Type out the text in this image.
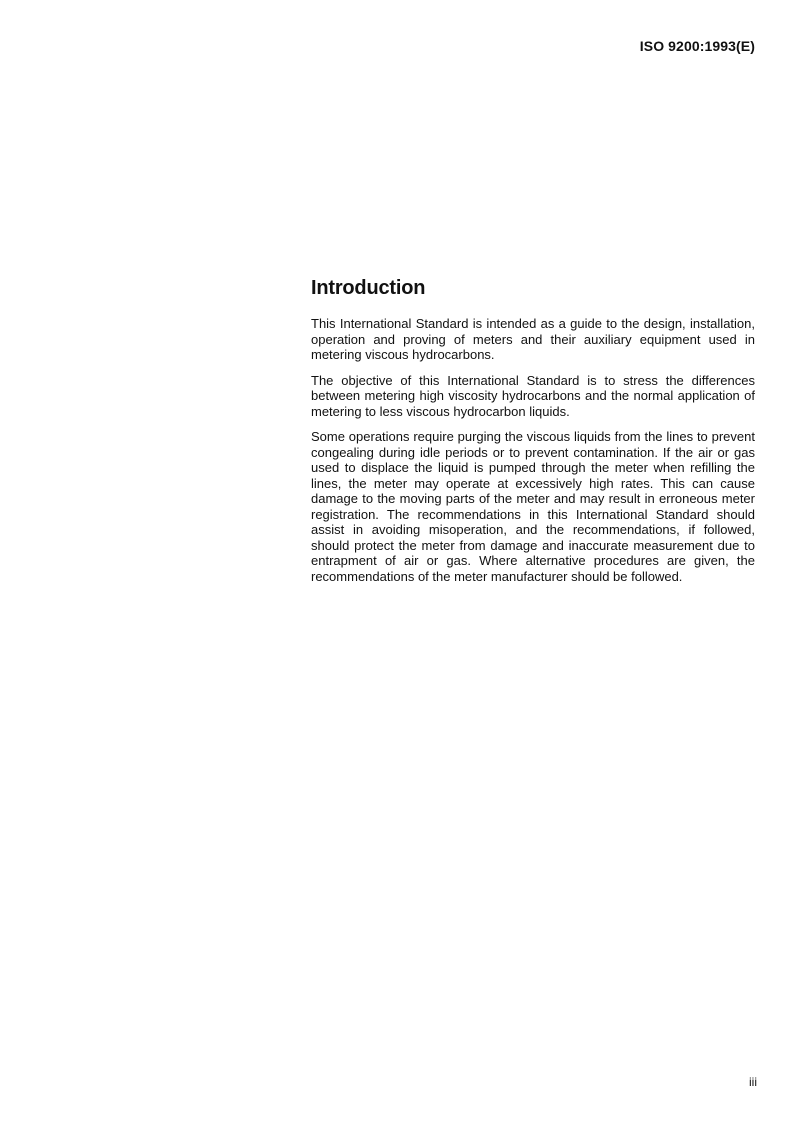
ISO 9200:1993(E)
Introduction

This International Standard is intended as a guide to the design, installation, operation and proving of meters and their auxiliary equipment used in metering viscous hydrocarbons.

The objective of this International Standard is to stress the differences between metering high viscosity hydrocarbons and the normal application of metering to less viscous hydrocarbon liquids.

Some operations require purging the viscous liquids from the lines to prevent congealing during idle periods or to prevent contamination. If the air or gas used to displace the liquid is pumped through the meter when refilling the lines, the meter may operate at excessively high rates. This can cause damage to the moving parts of the meter and may result in erroneous meter registration. The recommendations in this International Standard should assist in avoiding misoperation, and the recommendations, if followed, should protect the meter from damage and inaccurate measurement due to entrapment of air or gas. Where alternative procedures are given, the recommendations of the meter manufacturer should be followed.

iii
